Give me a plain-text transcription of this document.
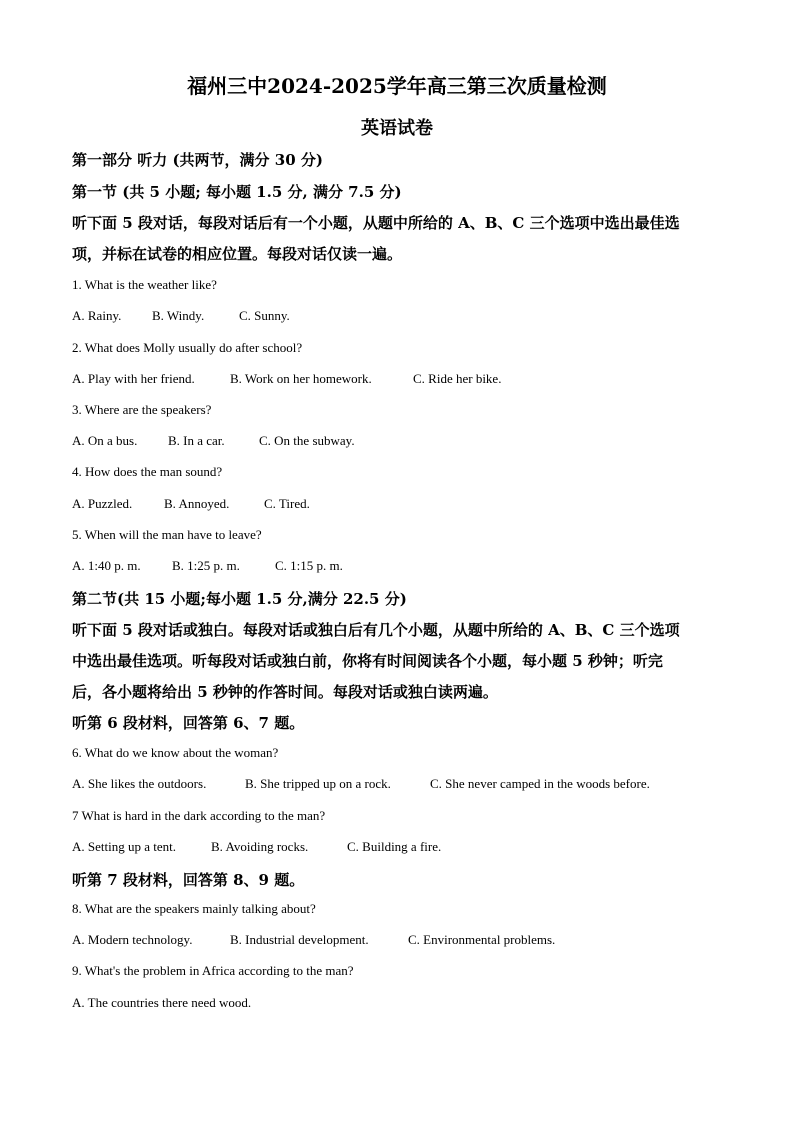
福州三中2024-2025学年高三第三次质量检测
英语试卷
第一部分 听力 (共两节，满分 30 分)
第一节 (共 5 小题; 每小题 1.5 分, 满分 7.5 分)
听下面 5 段对话，每段对话后有一个小题，从题中所给的 A、B、C 三个选项中选出最佳选
项，并标在试卷的相应位置。每段对话仅读一遍。
1. What is the weather like?
A. Rainy. B. Windy.	C. Sunny.
2. What does Molly usually do after school?
A. Play with her friend.	B. Work on her homework.	C. Ride her bike.
3. Where are the speakers?
A. On a bus. B. In a car.	C. On the subway.
4. How does the man sound?
A. Puzzled. B. Annoyed.	C. Tired.
5. When will the man have to leave?
A. 1:40 p. m. B. 1:25 p. m.	C. 1:15 p. m.
第二节(共 15 小题;每小题 1.5 分,满分 22.5 分)
听下面 5 段对话或独白。每段对话或独白后有几个小题，从题中所给的 A、B、C 三个选项
中选出最佳选项。听每段对话或独白前，你将有时间阅读各个小题，每小题 5 秒钟；听完
后，各小题将给出 5 秒钟的作答时间。每段对话或独白读两遍。
听第 6 段材料，回答第 6、7 题。
6. What do we know about the woman?
A. She likes the outdoors.	B. She tripped up on a rock.	C. She never camped in the woods before.
7 What is hard in the dark according to the man?
A. Setting up a tent.	B. Avoiding rocks.	C. Building a fire.
听第 7 段材料，回答第 8、9 题。
8. What are the speakers mainly talking about?
A. Modern technology.	B. Industrial development.	C. Environmental problems.
9. What's the problem in Africa according to the man?
A. The countries there need wood.
